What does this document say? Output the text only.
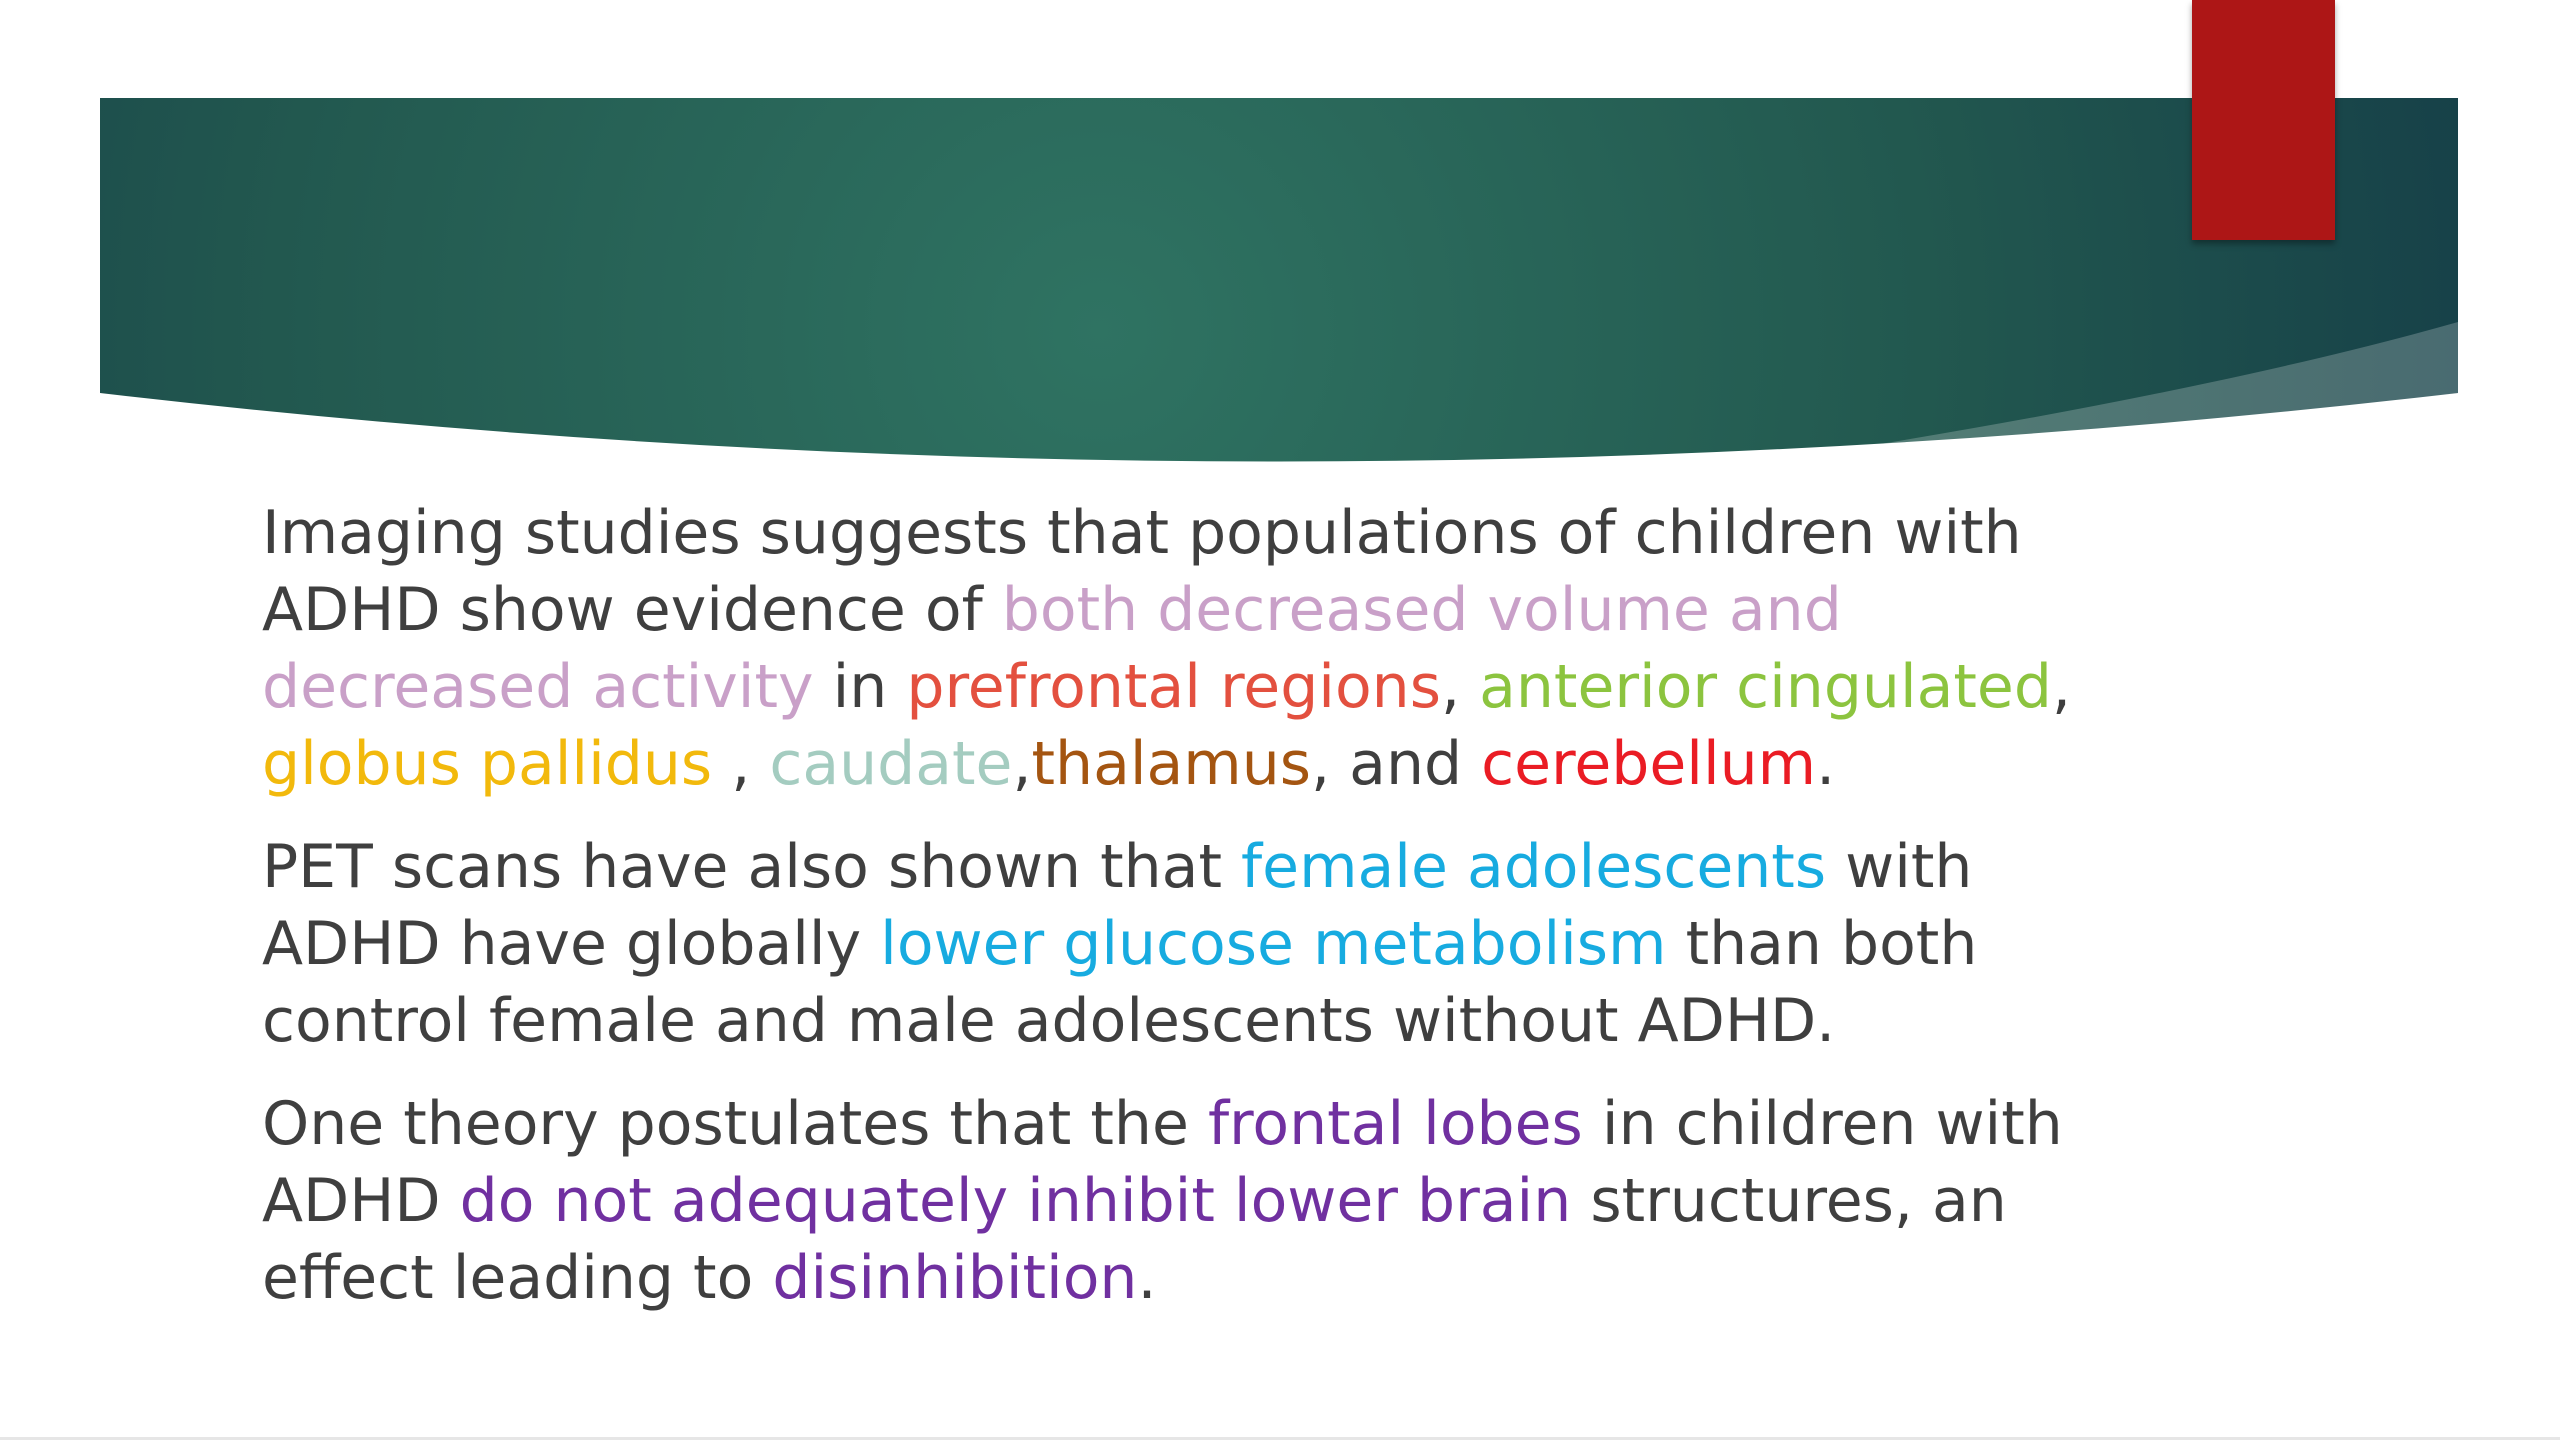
Imaging studies suggests that populations of children with ADHD show evidence of both decreased volume and decreased activity in prefrontal regions, anterior cingulated, globus pallidus , caudate,thalamus, and cerebellum.

PET scans have also shown that female adolescents with ADHD have globally lower glucose metabolism than both control female and male adolescents without ADHD.

One theory postulates that the frontal lobes in children with ADHD do not adequately inhibit lower brain structures, an effect leading to disinhibition.
